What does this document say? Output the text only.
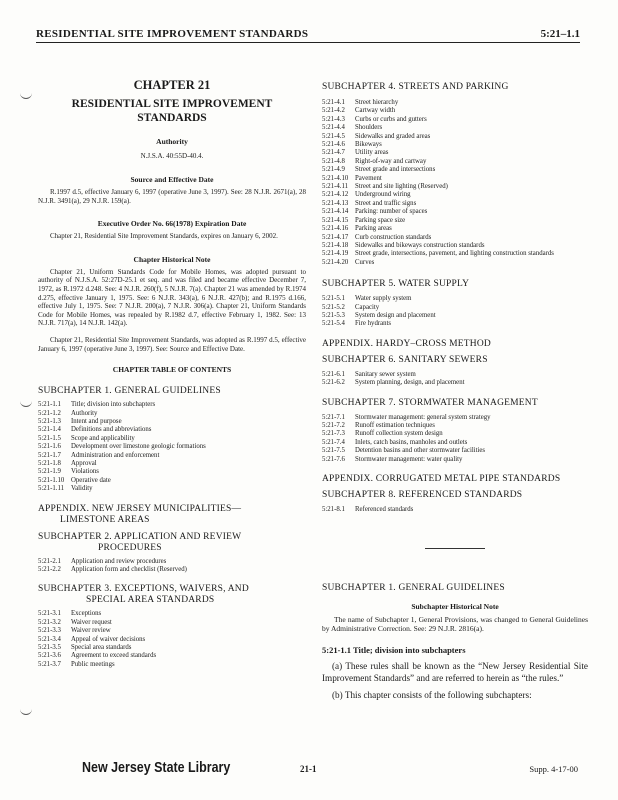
RESIDENTIAL SITE IMPROVEMENT STANDARDS	5:21–1.1
CHAPTER 21
RESIDENTIAL SITE IMPROVEMENT STANDARDS
Authority
N.J.S.A. 40:55D-40.4.
Source and Effective Date

R.1997 d.5, effective January 6, 1997 (operative June 3, 1997). See: 28 N.J.R. 2671(a), 28 N.J.R. 3491(a), 29 N.J.R. 159(a).

Executive Order No. 66(1978) Expiration Date

Chapter 21, Residential Site Improvement Standards, expires on January 6, 2002.

Chapter Historical Note

Chapter 21, Uniform Standards Code for Mobile Homes, was adopted pursuant to authority of N.J.S.A. 52:27D-25.1 et seq. and was filed and became effective December 7, 1972, as R.1972 d.248. See: 4 N.J.R. 260(f), 5 N.J.R. 7(a). Chapter 21 was amended by R.1974 d.275, effective January 1, 1975. See: 6 N.J.R. 343(a), 6 N.J.R. 427(b); and R.1975 d.166, effective July 1, 1975. See: 7 N.J.R. 200(a), 7 N.J.R. 306(a). Chapter 21, Uniform Standards Code for Mobile Homes, was repealed by R.1982 d.7, effective February 1, 1982. See: 13 N.J.R. 717(a), 14 N.J.R. 142(a).

Chapter 21, Residential Site Improvement Standards, was adopted as R.1997 d.5, effective January 6, 1997 (operative June 3, 1997). See: Source and Effective Date.

CHAPTER TABLE OF CONTENTS
SUBCHAPTER 1. GENERAL GUIDELINES
5:21-1.1	Title; division into subchapters
5:21-1.2	Authority
5:21-1.3	Intent and purpose
5:21-1.4	Definitions and abbreviations
5:21-1.5	Scope and applicability
5:21-1.6	Development over limestone geologic formations
5:21-1.7	Administration and enforcement
5:21-1.8	Approval
5:21-1.9	Violations
5:21-1.10 Operative date
5:21-1.11	Validity
APPENDIX. NEW JERSEY MUNICIPALITIES—
LIMESTONE AREAS
SUBCHAPTER 2. APPLICATION AND REVIEW
PROCEDURES
5:21-2.1	Application and review procedures
5:21-2.2	Application form and checklist (Reserved)
SUBCHAPTER 3. EXCEPTIONS, WAIVERS, AND
SPECIAL AREA STANDARDS
5:21-3.1	Exceptions
5:21-3.2	Waiver request
5:21-3.3	Waiver review
5:21-3.4	Appeal of waiver decisions
5:21-3.5	Special area standards
5:21-3.6	Agreement to exceed standards
5:21-3.7	Public meetings
SUBCHAPTER 4. STREETS AND PARKING
5:21-4.1	Street hierarchy
5:21-4.2	Cartway width
5:21-4.3	Curbs or curbs and gutters
5:21-4.4	Shoulders
5:21-4.5	Sidewalks and graded areas
5:21-4.6	Bikeways
5:21-4.7	Utility areas
5:21-4.8	Right-of-way and cartway
5:21-4.9	Street grade and intersections
5:21-4.10 Pavement
5:21-4.11	Street and site lighting (Reserved)
5:21-4.12 Underground wiring
5:21-4.13 Street and traffic signs
5:21-4.14 Parking: number of spaces
5:21-4.15 Parking space size
5:21-4.16 Parking areas
5:21-4.17 Curb construction standards
5:21-4.18 Sidewalks and bikeways construction standards
5:21-4.19 Street grade, intersections, pavement, and lighting construction standards
5:21-4.20 Curves
SUBCHAPTER 5. WATER SUPPLY
5:21-5.1	Water supply system
5:21-5.2	Capacity
5:21-5.3	System design and placement
5:21-5.4	Fire hydrants
APPENDIX. HARDY–CROSS METHOD
SUBCHAPTER 6. SANITARY SEWERS
5:21-6.1	Sanitary sewer system
5:21-6.2	System planning, design, and placement
SUBCHAPTER 7. STORMWATER MANAGEMENT
5:21-7.1	Stormwater management: general system strategy
5:21-7.2	Runoff estimation techniques
5:21-7.3	Runoff collection system design
5:21-7.4	Inlets, catch basins, manholes and outlets
5:21-7.5	Detention basins and other stormwater facilities
5:21-7.6	Stormwater management: water quality
APPENDIX. CORRUGATED METAL PIPE STANDARDS
SUBCHAPTER 8. REFERENCED STANDARDS
5:21-8.1	Referenced standards
SUBCHAPTER 1. GENERAL GUIDELINES
Subchapter Historical Note

The name of Subchapter 1, General Provisions, was changed to General Guidelines by Administrative Correction. See: 29 N.J.R. 2816(a).

5:21-1.1 Title; division into subchapters

(a) These rules shall be known as the “New Jersey Residential Site Improvement Standards” and are referred to herein as “the rules.”

(b) This chapter consists of the following subchapters:

New Jersey State Library	21-1	Supp. 4-17-00
